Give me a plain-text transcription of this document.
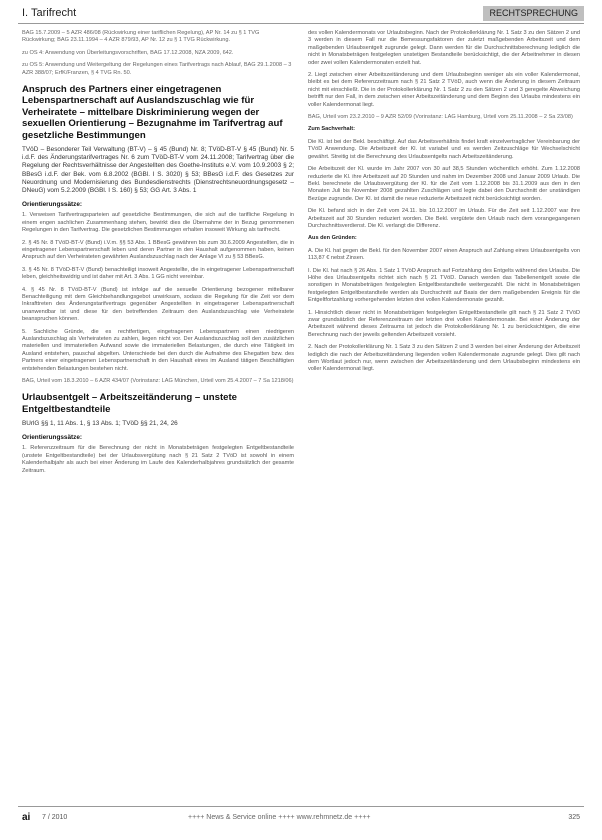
I. Tarifrecht	RECHTSPRECHUNG
BAG 15.7.2009 – 5 AZR 486/08 (Rückwirkung einer tariflichen Regelung), AP Nr. 14 zu § 1 TVG Rückwirkung; BAG 23.11.1994 – 4 AZR 879/93, AP Nr. 12 zu § 1 TVG Rückwirkung.
zu OS 4: Anwendung von Überleitungsvorschriften, BAG 17.12.2008, NZA 2009, 642.
zu OS 5: Anwendung und Weitergeltung der Regelungen eines Tarifvertrags nach Ablauf, BAG 29.1.2008 – 3 AZR 388/07; ErfK/Franzen, § 4 TVG Rn. 50.
Anspruch des Partners einer eingetragenen Lebenspartnerschaft auf Auslandszuschlag wie für Verheiratete – mittelbare Diskriminierung wegen der sexuellen Orientierung – Bezugnahme im Tarifvertrag auf gesetzliche Bestimmungen
TVöD – Besonderer Teil Verwaltung (BT-V) – § 45 (Bund) Nr. 8; TVöD-BT-V § 45 (Bund) Nr. 5 i.d.F. des Änderungstarifvertrages Nr. 6 zum TVöD-BT-V vom 24.11.2008; Tarifvertrag über die Regelung der Rechtsverhältnisse der Angestellten des Goethe-Instituts e.V. vom 10.9.2003 § 2; BBesG i.d.F. der Bek. vom 6.8.2002 (BGBl. I S. 3020) § 53; BBesG i.d.F. des Gesetzes zur Neuordnung und Modernisierung des Bundesdienstrechts (Dienstrechtsneuordnungsgesetz – DNeuG) vom 5.2.2009 (BGBl. I S. 160) § 53; GG Art. 3 Abs. 1
Orientierungssätze:

1. Verweisen Tarifvertragsparteien auf gesetzliche Bestimmungen, die sich auf die tarifliche Regelung in einem engen sachlichen Zusammenhang stehen, bewirkt dies die Übernahme der in Bezug genommenen Regelungen in den Tarifvertrag. Die gesetzlichen Bestimmungen erhalten insoweit Wirkung als tarifrecht.

2. § 45 Nr. 8 TVöD-BT-V (Bund) i.V.m. §§ 53 Abs. 1 BBesG gewähren bis zum 30.6.2009 Angestellten, die in eingetragener Lebenspartnerschaft leben und deren Partner in den Haushalt aufgenommen haben, keinen Anspruch auf den Verheirateten gewährten Auslandszuschlag nach der Anlage VI zu § 53 BBesG.

3. § 45 Nr. 8 TVöD-BT-V (Bund) benachteiligt insoweit Angestellte, die in eingetragener Lebenspartnerschaft leben, gleichheitswidrig und ist daher mit Art. 3 Abs. 1 GG nicht vereinbar.

4. § 45 Nr. 8 TVöD-BT-V (Bund) ist infolge auf die sexuelle Orientierung bezogener mittelbarer Benachteiligung mit dem Gleichbehandlungsgebot unwirksam, sodass die Regelung für die Zeit vor dem Inkrafttreten des Änderungstarifvertrags gegenüber Angestellten in eingetragener Lebenspartnerschaft unanwendbar ist und diese für den betreffenden Zeitraum den Auslandszuschlag wie Verheiratete beanspruchen können.

5. Sachliche Gründe, die es rechtfertigen, eingetragenen Lebenspartnern einen niedrigeren Auslandszuschlag als Verheirateten zu zahlen, liegen nicht vor. Der Auslandszuschlag soll den zusätzlichen materiellen und immateriellen Aufwand sowie die immateriellen Belastungen, die durch eine Tätigkeit im Ausland entstehen, pauschal abgelten. Unterschiede bei den durch die Aufnahme des Ehegatten bzw. des Partners einer eingetragenen Lebenspartnerschaft in den Haushalt eines im Ausland tätigen Beschäftigten entstehenden Belastungen bestehen nicht.

BAG, Urteil vom 18.3.2010 – 6 AZR 434/07 (Vorinstanz: LAG München, Urteil vom 25.4.2007 – 7 Sa 1218/06)
Urlaubsentgelt – Arbeitszeitänderung – unstete Entgeltbestandteile
BUrlG §§ 1, 11 Abs. 1, § 13 Abs. 1; TVöD §§ 21, 24, 26
Orientierungssätze:

1. Referenzzeitraum für die Berechnung der nicht in Monatsbeträgen festgelegten Entgeltbestandteile (unstete Entgeltbestandteile) bei der Urlaubsvergütung nach § 21 Satz 2 TVöD ist sowohl in einem Kalenderhalbjahr als auch bei einer Änderung im Laufe des Kalenderhalbjahres grundsätzlich der gesamte Zeitraum.

des vollen Kalendermonats vor Urlaubsbeginn. Nach der Protokollerklärung Nr. 1 Satz 3 zu den Sätzen 2 und 3 werden in diesem Fall nur die Bemessungsfaktoren der zuletzt maßgebenden Arbeitszeit und dem maßgebenden Urlaubsentgelt zugrunde gelegt. Dann werden für die Durchschnittsberechnung lediglich die nicht in Monatsbeträgen festgelegten unstetigen Bestandteile berücksichtigt, die der Arbeitnehmer in diesen oder zwei vollen Kalendermonaten erzielt hat.

2. Liegt zwischen einer Arbeitszeitänderung und dem Urlaubsbeginn weniger als ein voller Kalendermonat, bleibt es bei dem Referenzzeitraum nach § 21 Satz 2 TVöD, auch wenn die Änderung in diesem Zeitraum nicht mit einschließt. Die in der Protokollerklärung Nr. 1 Satz 2 zu den Sätzen 2 und 3 geregelte Abweichung betrifft nur den Fall, in dem zwischen einer Arbeitszeitänderung und dem Beginn des Urlaubs mindestens ein voller Kalendermonat liegt.

BAG, Urteil vom 23.2.2010 – 9 AZR 52/09 (Vorinstanz: LAG Hamburg, Urteil vom 25.11.2008 – 2 Sa 23/08)

Zum Sachverhalt:

Die Kl. ist bei der Bekl. beschäftigt. Auf das Arbeitsverhältnis findet kraft einzelvertraglicher Vereinbarung der TVöD Anwendung. Die Arbeitszeit der Kl. ist variabel und es werden Zeitzuschläge für Wechselschicht gewährt. Streitig ist die Berechnung des Urlaubsentgelts nach Arbeitszeitänderung.

Die Arbeitszeit der Kl. wurde im Jahr 2007 von 30 auf 38,5 Stunden wöchentlich erhöht. Zum 1.12.2008 reduzierte die Kl. ihre Arbeitszeit auf 20 Stunden und nahm im Dezember 2008 und Januar 2009 Urlaub. Die Bekl. berechnete die Urlaubsvergütung der Kl. für die Zeit vom 1.12.2008 bis 31.1.2009 aus den in den Monaten Juli bis November 2008 gezahlten Zuschlägen und legte dabei den Durchschnitt der unständigen Bezüge zugrunde. Der Kl. ist damit die neue reduzierte Arbeitszeit nicht berücksichtigt worden.

Die Kl. befand sich in der Zeit vom 24.11. bis 10.12.2007 im Urlaub. Für die Zeit seit 1.12.2007 war ihre Arbeitszeit auf 30 Stunden reduziert worden. Die Bekl. vergütete den Urlaub nach dem vorangegangenen Durchschnittsverdienst. Die Kl. verlangt die Differenz.

Aus den Gründen:

A. Die Kl. hat gegen die Bekl. für den November 2007 einen Anspruch auf Zahlung eines Urlaubsentgelts von 113,87 € nebst Zinsen.

I. Die Kl. hat nach § 26 Abs. 1 Satz 1 TVöD Anspruch auf Fortzahlung des Entgelts während des Urlaubs. Die Höhe des Urlaubsentgelts richtet sich nach § 21 TVöD. Danach werden das Tabellenentgelt sowie die sonstigen in Monatsbeträgen festgelegten Entgeltbestandteile weitergezahlt. Die nicht in Monatsbeträgen festgelegten Entgeltbestandteile werden als Durchschnitt auf Basis der dem maßgebenden Ereignis für die Entgeltfortzahlung vorhergehenden letzten drei vollen Kalendermonate gezahlt.

1. Hinsichtlich dieser nicht in Monatsbeträgen festgelegten Entgeltbestandteile gilt nach § 21 Satz 2 TVöD zwar grundsätzlich der Referenzzeitraum der letzten drei vollen Kalendermonate. Bei einer Änderung der Arbeitszeit während dieses Zeitraums ist jedoch die Protokollerklärung Nr. 1 zu berücksichtigen, die eine Berechnung nach der jeweils geltenden Arbeitszeit vorsieht.

2. Nach der Protokollerklärung Nr. 1 Satz 3 zu den Sätzen 2 und 3 werden bei einer Änderung der Arbeitszeit lediglich die nach der Arbeitszeitänderung liegenden vollen Kalendermonate zugrunde gelegt. Dies gilt nach dem Wortlaut jedoch nur, wenn zwischen der Arbeitszeitänderung und dem Urlaubsbeginn mindestens ein voller Kalendermonat liegt.

ai 7 / 2010	++++ News & Service online ++++ www.rehmnetz.de ++++	325
